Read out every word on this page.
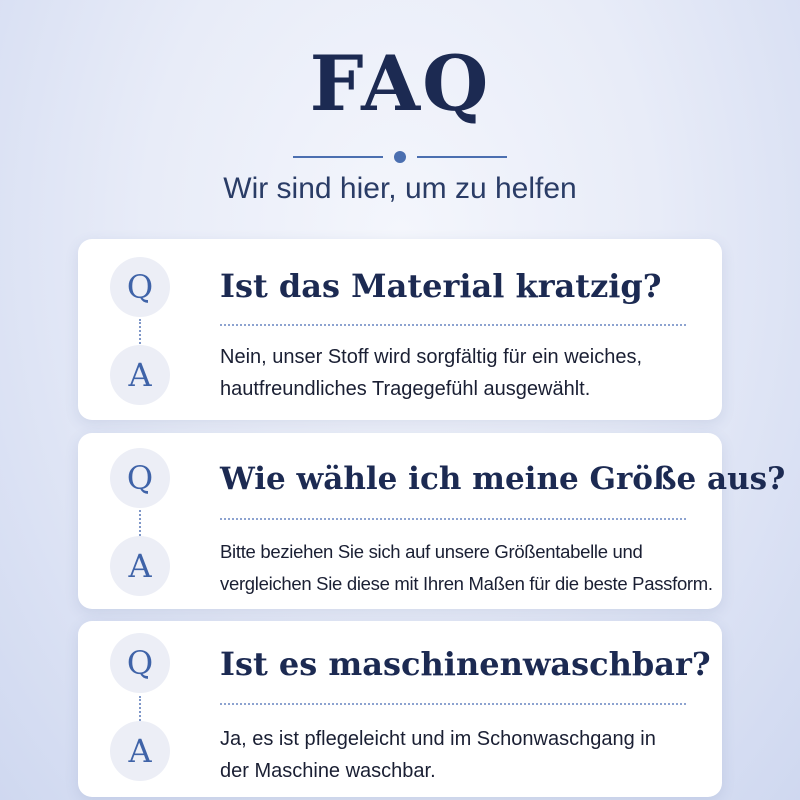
FAQ
Wir sind hier, um zu helfen
Q
A
Ist das Material kratzig?
Nein, unser Stoff wird sorgfältig für ein weiches,
hautfreundliches Tragegefühl ausgewählt.
Q
A
Wie wähle ich meine Größe aus?
Bitte beziehen Sie sich auf unsere Größentabelle und
vergleichen Sie diese mit Ihren Maßen für die beste Passform.
Q
A
Ist es maschinenwaschbar?
Ja, es ist pflegeleicht und im Schonwaschgang in
der Maschine waschbar.
